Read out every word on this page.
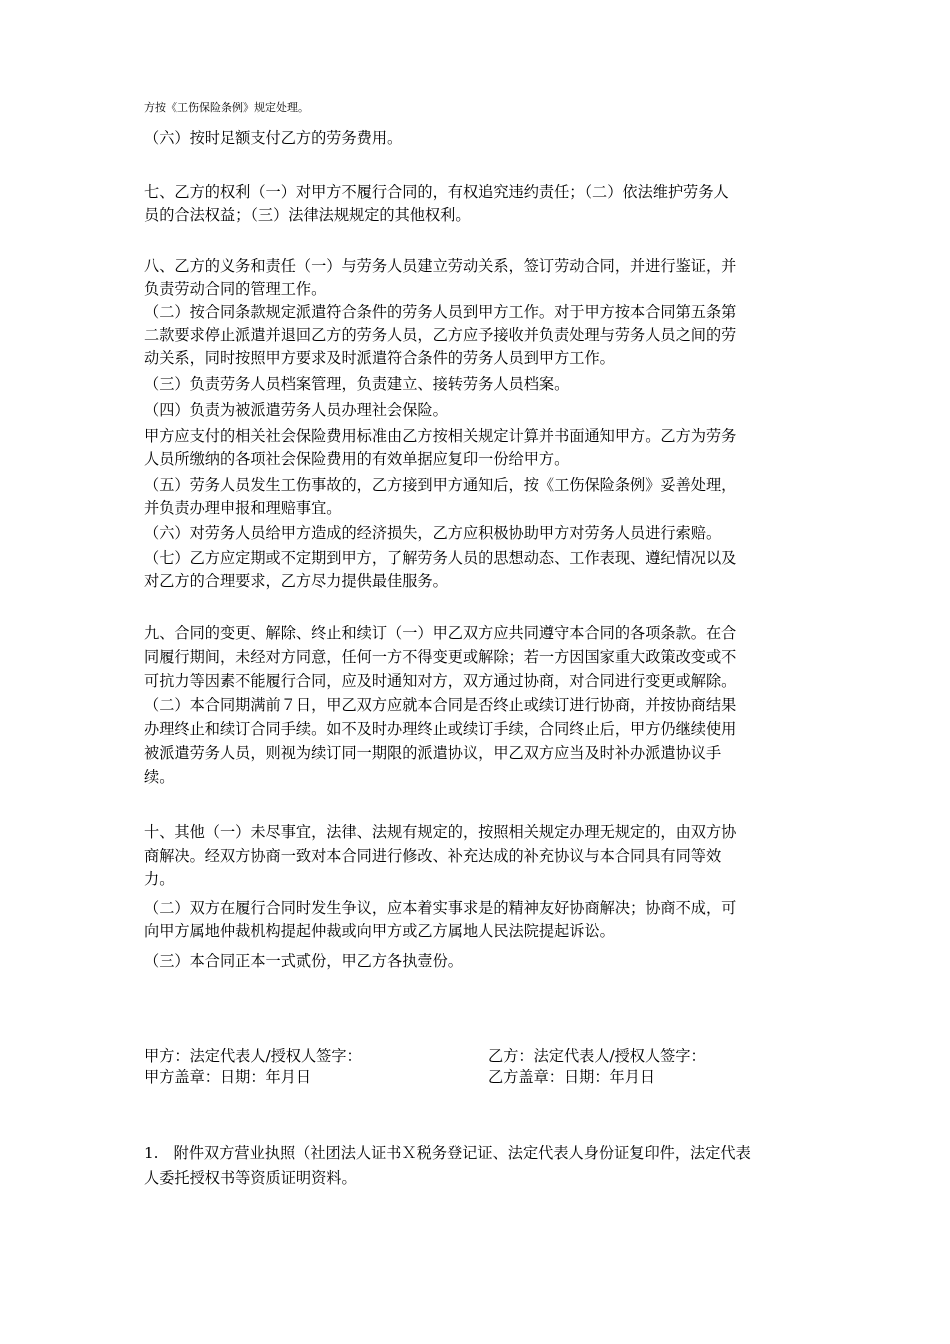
方按《工伤保险条例》规定处理。
（六）按时足额支付乙方的劳务费用。
七、乙方的权利（一）对甲方不履行合同的，有权追究违约责任；（二）依法维护劳务人
员的合法权益；（三）法律法规规定的其他权利。
八、乙方的义务和责任（一）与劳务人员建立劳动关系，签订劳动合同，并进行鉴证，并
负责劳动合同的管理工作。
（二）按合同条款规定派遣符合条件的劳务人员到甲方工作。对于甲方按本合同第五条第
二款要求停止派遣并退回乙方的劳务人员，乙方应予接收并负责处理与劳务人员之间的劳
动关系，同时按照甲方要求及时派遣符合条件的劳务人员到甲方工作。
（三）负责劳务人员档案管理，负责建立、接转劳务人员档案。
（四）负责为被派遣劳务人员办理社会保险。
甲方应支付的相关社会保险费用标准由乙方按相关规定计算并书面通知甲方。乙方为劳务
人员所缴纳的各项社会保险费用的有效单据应复印一份给甲方。
（五）劳务人员发生工伤事故的，乙方接到甲方通知后，按《工伤保险条例》妥善处理，
并负责办理申报和理赔事宜。
（六）对劳务人员给甲方造成的经济损失，乙方应积极协助甲方对劳务人员进行索赔。
（七）乙方应定期或不定期到甲方，了解劳务人员的思想动态、工作表现、遵纪情况以及
对乙方的合理要求，乙方尽力提供最佳服务。
九、合同的变更、解除、终止和续订（一）甲乙双方应共同遵守本合同的各项条款。在合
同履行期间，未经对方同意，任何一方不得变更或解除；若一方因国家重大政策改变或不
可抗力等因素不能履行合同，应及时通知对方，双方通过协商，对合同进行变更或解除。
（二）本合同期满前７日，甲乙双方应就本合同是否终止或续订进行协商，并按协商结果
办理终止和续订合同手续。如不及时办理终止或续订手续，合同终止后，甲方仍继续使用
被派遣劳务人员，则视为续订同一期限的派遣协议，甲乙双方应当及时补办派遣协议手
续。
十、其他（一）未尽事宜，法律、法规有规定的，按照相关规定办理无规定的，由双方协
商解决。经双方协商一致对本合同进行修改、补充达成的补充协议与本合同具有同等效
力。
（二）双方在履行合同时发生争议，应本着实事求是的精神友好协商解决；协商不成，可
向甲方属地仲裁机构提起仲裁或向甲方或乙方属地人民法院提起诉讼。
（三）本合同正本一式贰份，甲乙方各执壹份。
甲方：法定代表人/授权人签字：
甲方盖章：日期：年月日
乙方：法定代表人/授权人签字：
乙方盖章：日期：年月日
1.　附件双方营业执照（社团法人证书Ｘ税务登记证、法定代表人身份证复印件，法定代表
人委托授权书等资质证明资料。
